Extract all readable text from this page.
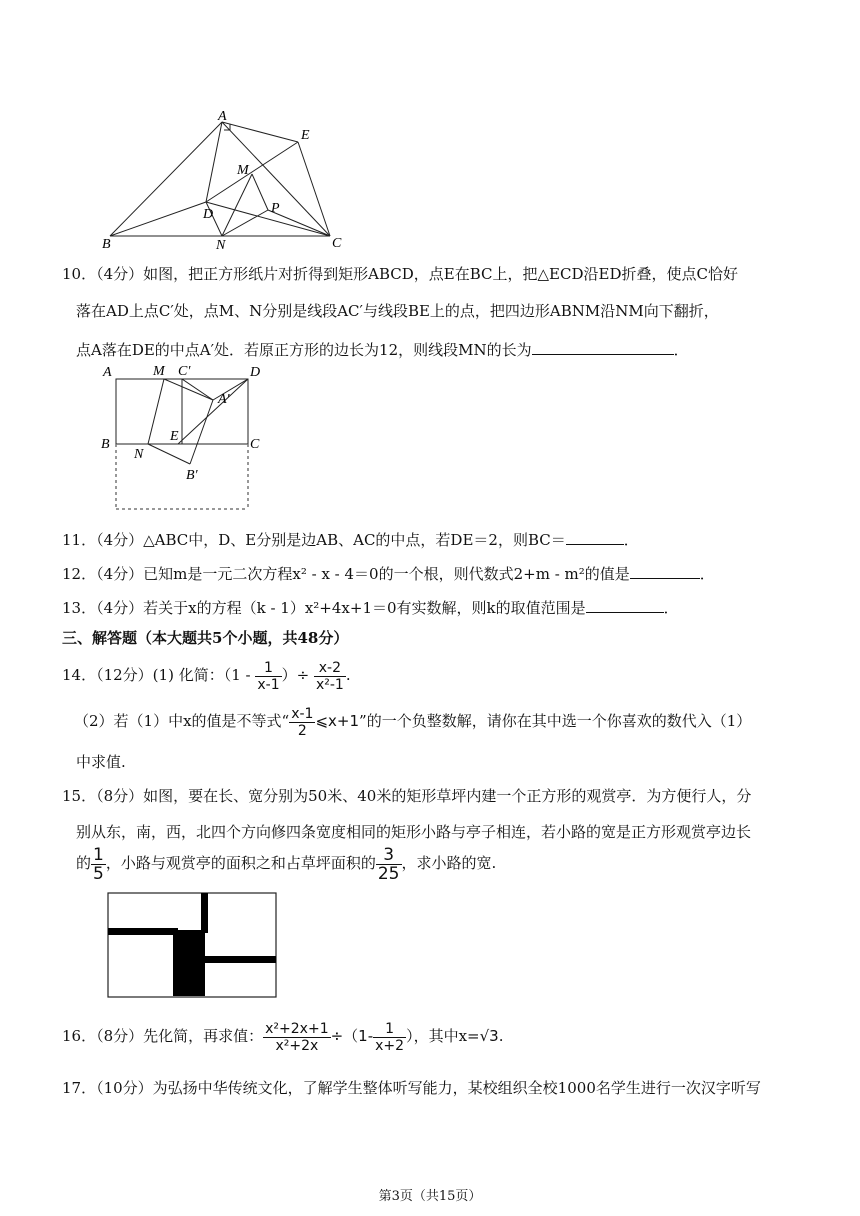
A
E
M
D	P
B	N	C
10．（4分）如图，把正方形纸片对折得到矩形ABCD，点E在BC上，把△ECD沿ED折叠，使点C恰好
落在AD上点C′处，点M、N分别是线段AC′与线段BE上的点，把四边形ABNM沿NM向下翻折，
点A落在DE的中点A′处．若原正方形的边长为12，则线段MN的长为	．
A	M C′	D
A′
B
E
C
N
B′
11．（4分）△ABC中，D、E分别是边AB、AC的中点，若DE＝2，则BC＝	．
12．（4分）已知m是一元二次方程x² - x - 4＝0的一个根，则代数式2+m - m²的值是	．
13．（4分）若关于x的方程（k - 1）x²+4x+1＝0有实数解，则k的取值范围是	．
三、解答题（本大题共5个小题，共48分）
14．（12分）(1) 化简：（$1 - \frac{1}{x-1}$ ）÷ $\frac{x-2}{\text{x²-1}}$ .
（2）若（1）中x的值是不等式“ $\frac{x-1}{2}$ ⩽x+1”的一个负整数解，请你在其中选一个你喜欢的数代入（1）
中求值.
15．（8分）如图，要在长、宽分别为50米、40米的矩形草坪内建一个正方形的观赏亭．为方便行人，分
别从东，南，西，北四个方向修四条宽度相同的矩形小路与亭子相连，若小路的宽是正方形观赏亭边长
的 $\frac{1}{5}$ ，小路与观赏亭的面积之和占草坪面积的 $\frac{3}{25}$ ，求小路的宽.
16．（8分）先化简，再求值： $\frac{\text{x²+2x+1}}{\text{x²+2x}} \div(1- \frac{1}{x+2}$ ），其中x=√3.
17．（10分）为弘扬中华传统文化，了解学生整体听写能力，某校组织全校1000名学生进行一次汉字听写
第3页（共15页）
